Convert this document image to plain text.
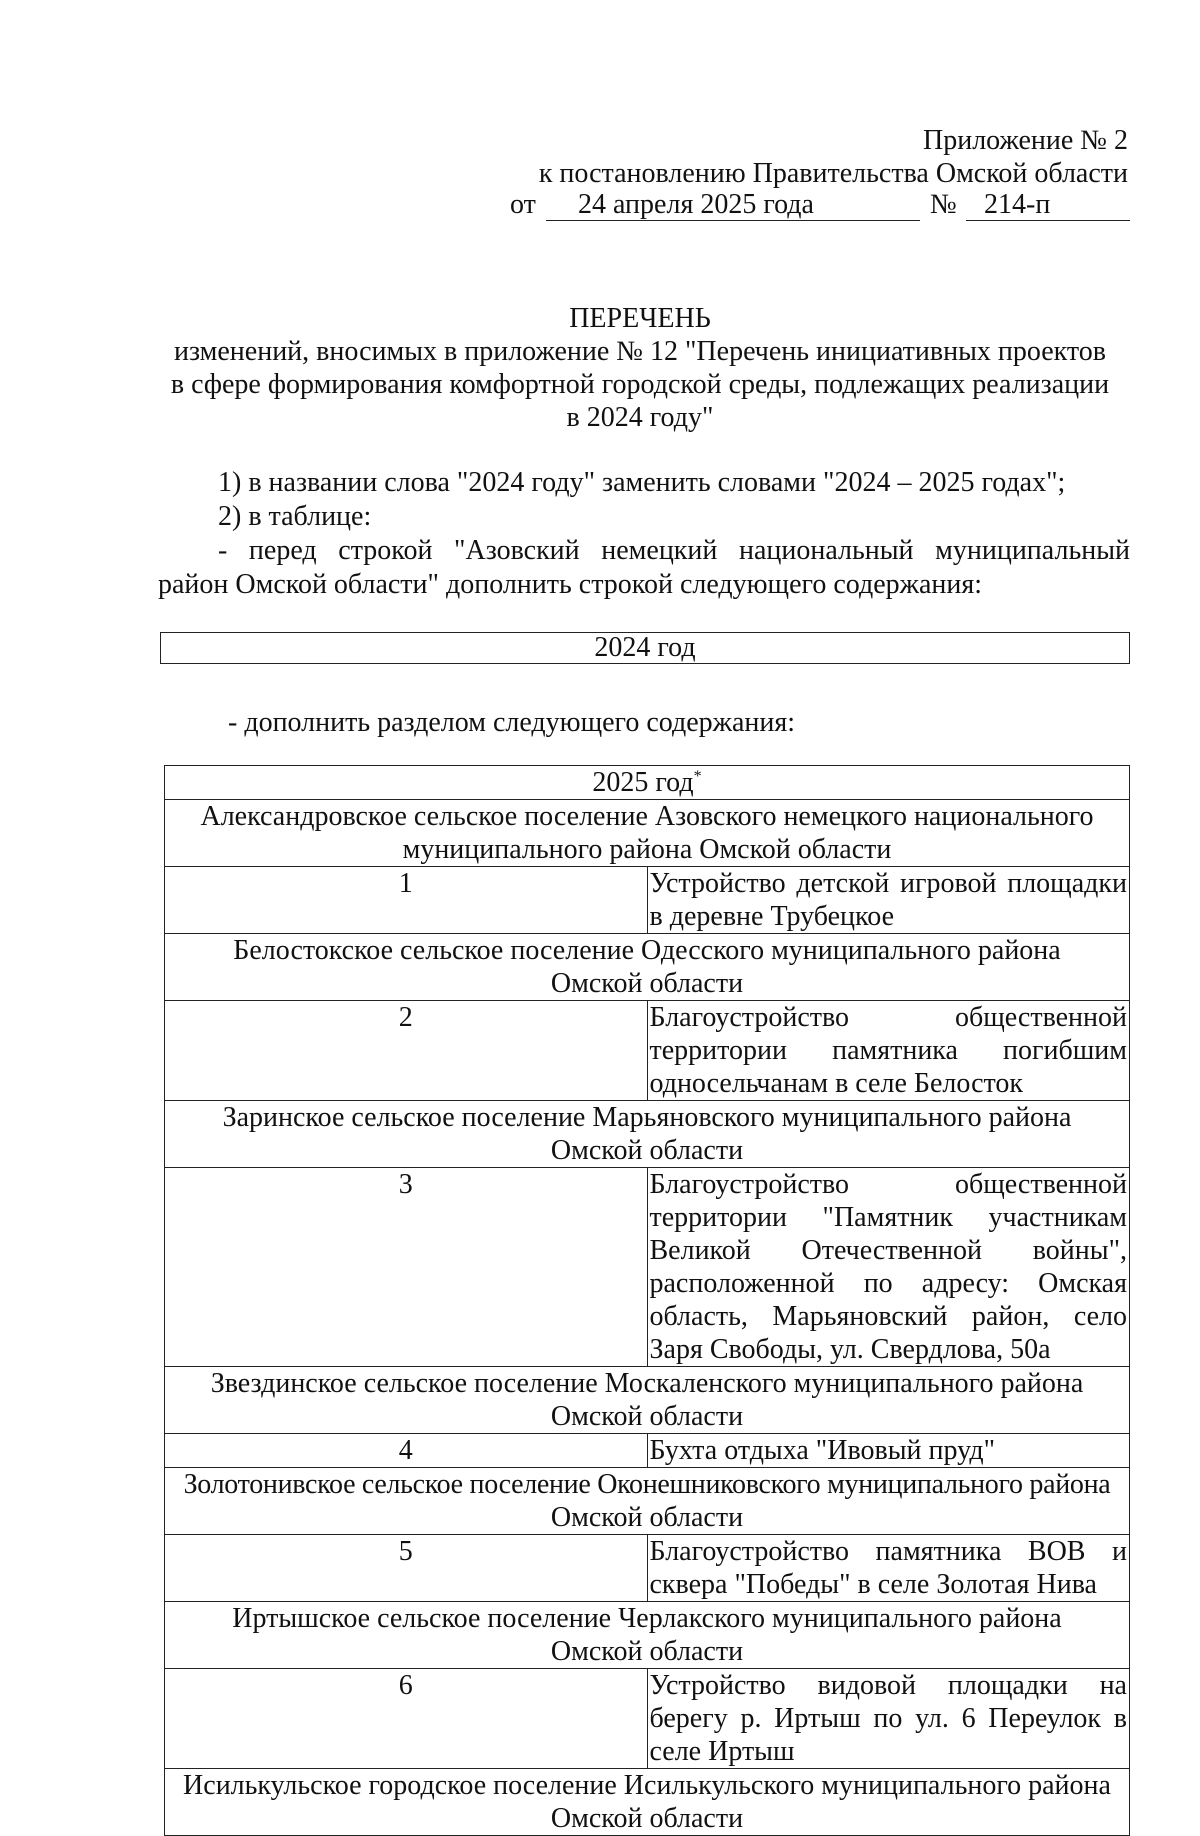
Приложение № 2
к постановлению Правительства Омской области
от 24 апреля 2025 года	№ 214-п
ПЕРЕЧЕНЬ
изменений, вносимых в приложение № 12 "Перечень инициативных проектов
в сфере формирования комфортной городской среды, подлежащих реализации
в 2024 году"
1) в названии слова "2024 году" заменить словами "2024 – 2025 годах";
2) в таблице:
- перед строкой "Азовский немецкий национальный муниципальный
район Омской области" дополнить строкой следующего содержания:
2024 год
- дополнить разделом следующего содержания:
2025 год*

Александровское сельское поселение Азовского немецкого национального
муниципального района Омской области	

1	Устройство детской игровой площадки в деревне Трубецкое

Белостокское сельское поселение Одесского муниципального района
Омской области	

2	Благоустройство общественной территории памятника погибшим односельчанам в селе Белосток

Заринское сельское поселение Марьяновского муниципального района
Омской области	

3	Благоустройство общественной территории "Памятник участникам Великой Отечественной войны", расположенной по адресу: Омская область, Марьяновский район, село Заря Свободы, ул. Свердлова, 50а

Звездинское сельское поселение Москаленского муниципального района
Омской области	

4	Бухта отдыха "Ивовый пруд"

Золотонивское сельское поселение Оконешниковского муниципального района
Омской области	

5	Благоустройство памятника ВОВ и сквера "Победы" в селе Золотая Нива

Иртышское сельское поселение Черлакского муниципального района
Омской области	

6	Устройство видовой площадки на берегу р. Иртыш по ул. 6 Переулок в селе Иртыш

Исилькульское городское поселение Исилькульского муниципального района
Омской области	
